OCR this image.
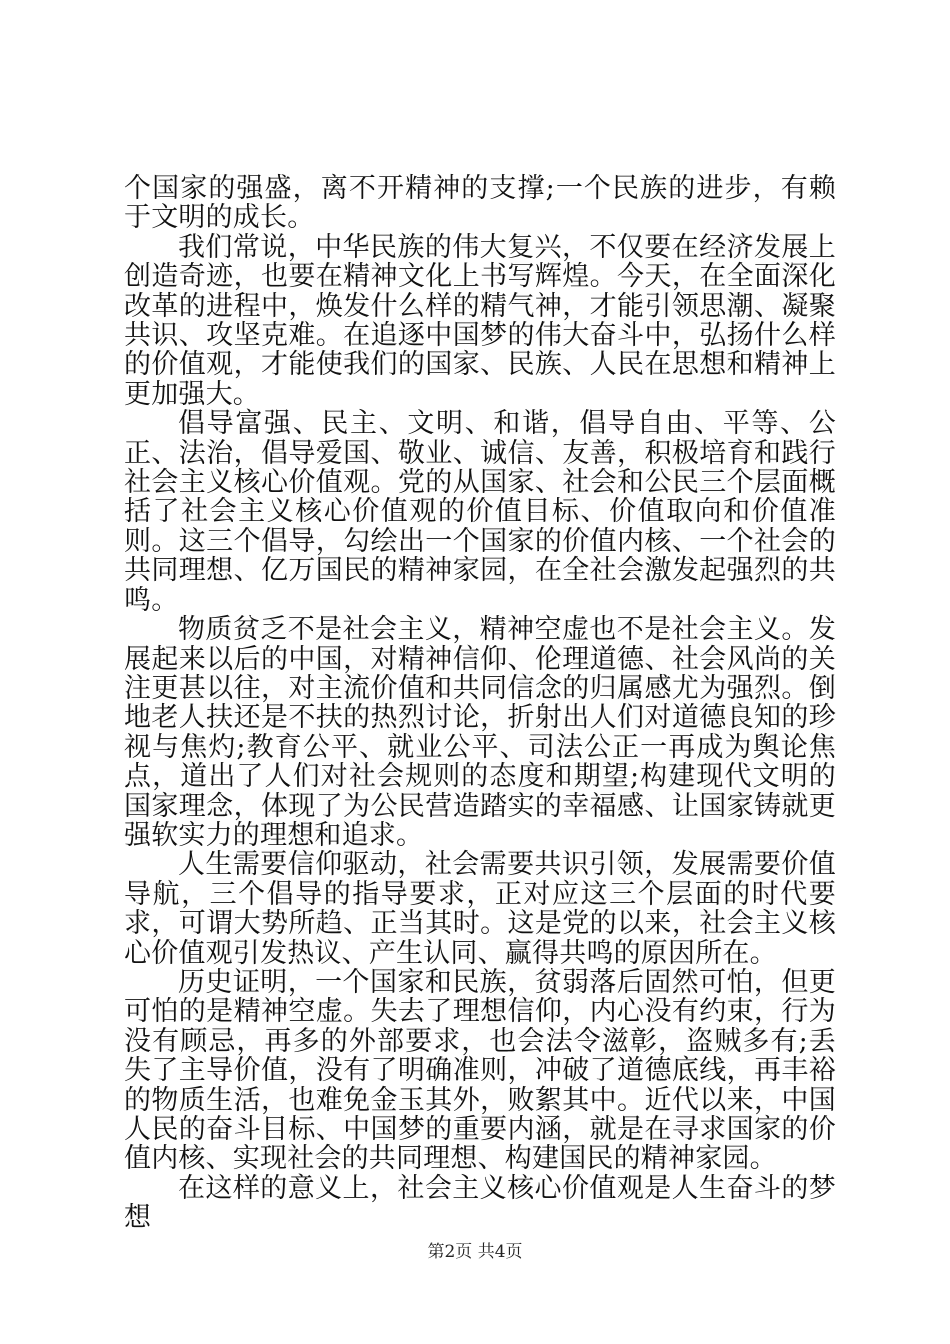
个国家的强盛，离不开精神的支撑;一个民族的进步，有赖于文明的成长。

我们常说，中华民族的伟大复兴，不仅要在经济发展上创造奇迹，也要在精神文化上书写辉煌。今天，在全面深化改革的进程中，焕发什么样的精气神，才能引领思潮、凝聚共识、攻坚克难。在追逐中国梦的伟大奋斗中，弘扬什么样的价值观，才能使我们的国家、民族、人民在思想和精神上更加强大。

倡导富强、民主、文明、和谐，倡导自由、平等、公正、法治，倡导爱国、敬业、诚信、友善，积极培育和践行社会主义核心价值观。党的从国家、社会和公民三个层面概括了社会主义核心价值观的价值目标、价值取向和价值准则。这三个倡导，勾绘出一个国家的价值内核、一个社会的共同理想、亿万国民的精神家园，在全社会激发起强烈的共鸣。

物质贫乏不是社会主义，精神空虚也不是社会主义。发展起来以后的中国，对精神信仰、伦理道德、社会风尚的关注更甚以往，对主流价值和共同信念的归属感尤为强烈。倒地老人扶还是不扶的热烈讨论，折射出人们对道德良知的珍视与焦灼;教育公平、就业公平、司法公正一再成为舆论焦点，道出了人们对社会规则的态度和期望;构建现代文明的国家理念，体现了为公民营造踏实的幸福感、让国家铸就更强软实力的理想和追求。

人生需要信仰驱动，社会需要共识引领，发展需要价值导航，三个倡导的指导要求，正对应这三个层面的时代要求，可谓大势所趋、正当其时。这是党的以来，社会主义核心价值观引发热议、产生认同、赢得共鸣的原因所在。

历史证明，一个国家和民族，贫弱落后固然可怕，但更可怕的是精神空虚。失去了理想信仰，内心没有约束，行为没有顾忌，再多的外部要求，也会法令滋彰，盗贼多有;丢失了主导价值，没有了明确准则，冲破了道德底线，再丰裕的物质生活，也难免金玉其外，败絮其中。近代以来，中国人民的奋斗目标、中国梦的重要内涵，就是在寻求国家的价值内核、实现社会的共同理想、构建国民的精神家园。

在这样的意义上，社会主义核心价值观是人生奋斗的梦想

第2页 共4页
